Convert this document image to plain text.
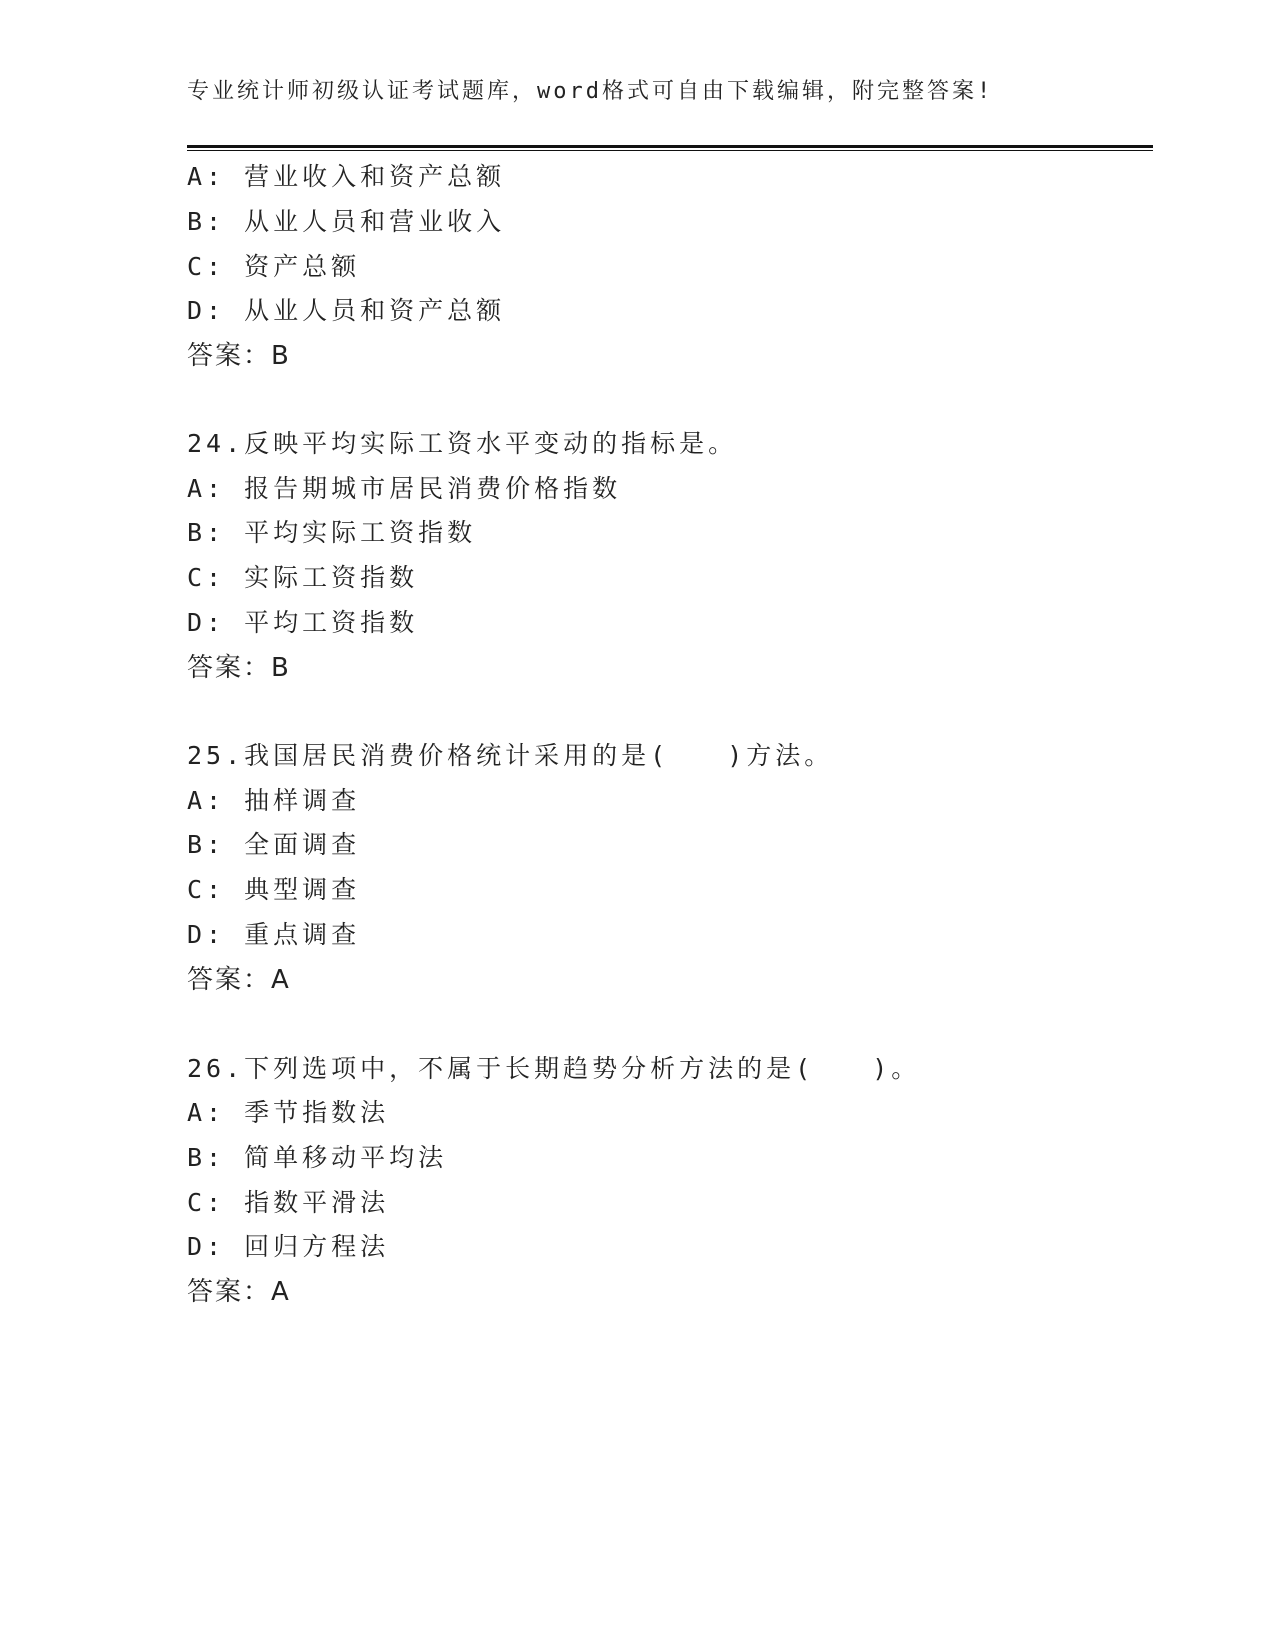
专业统计师初级认证考试题库，word格式可自由下载编辑，附完整答案!
A: 营业收入和资产总额
B: 从业人员和营业收入
C: 资产总额
D: 从业人员和资产总额
答案：B
24.反映平均实际工资水平变动的指标是。
A: 报告期城市居民消费价格指数
B: 平均实际工资指数
C: 实际工资指数
D: 平均工资指数
答案：B
25.我国居民消费价格统计采用的是(　　)方法。
A: 抽样调查
B: 全面调查
C: 典型调查
D: 重点调查
答案：A
26.下列选项中，不属于长期趋势分析方法的是(　　)。
A: 季节指数法
B: 简单移动平均法
C: 指数平滑法
D: 回归方程法
答案：A
